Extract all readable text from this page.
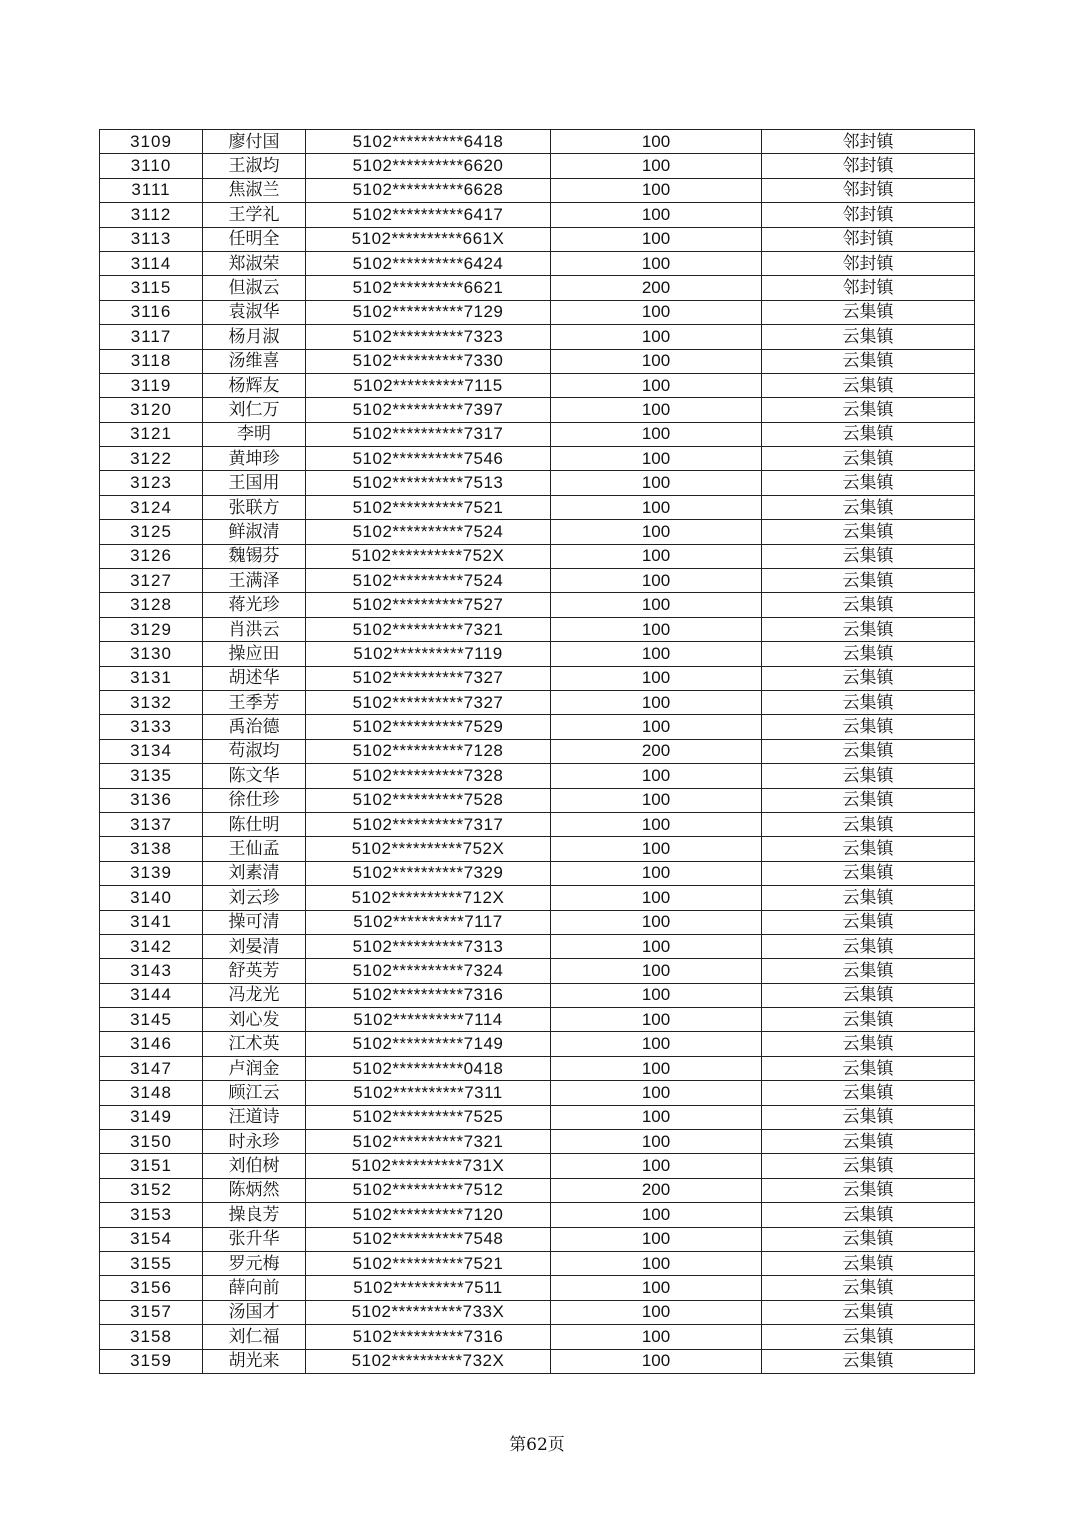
3109	廖付国	5102**********6418	100	邻封镇
3110	王淑均	5102**********6620	100	邻封镇
3111	焦淑兰	5102**********6628	100	邻封镇
3112	王学礼	5102**********6417	100	邻封镇
3113	任明全	5102**********661X	100	邻封镇
3114	郑淑荣	5102**********6424	100	邻封镇
3115	但淑云	5102**********6621	200	邻封镇
3116	袁淑华	5102**********7129	100	云集镇
3117	杨月淑	5102**********7323	100	云集镇
3118	汤维喜	5102**********7330	100	云集镇
3119	杨辉友	5102**********7115	100	云集镇
3120	刘仁万	5102**********7397	100	云集镇
3121	李明	5102**********7317	100	云集镇
3122	黄坤珍	5102**********7546	100	云集镇
3123	王国用	5102**********7513	100	云集镇
3124	张联方	5102**********7521	100	云集镇
3125	鲜淑清	5102**********7524	100	云集镇
3126	魏锡芬	5102**********752X	100	云集镇
3127	王满泽	5102**********7524	100	云集镇
3128	蒋光珍	5102**********7527	100	云集镇
3129	肖洪云	5102**********7321	100	云集镇
3130	操应田	5102**********7119	100	云集镇
3131	胡述华	5102**********7327	100	云集镇
3132	王季芳	5102**********7327	100	云集镇
3133	禹治德	5102**********7529	100	云集镇
3134	苟淑均	5102**********7128	200	云集镇
3135	陈文华	5102**********7328	100	云集镇
3136	徐仕珍	5102**********7528	100	云集镇
3137	陈仕明	5102**********7317	100	云集镇
3138	王仙孟	5102**********752X	100	云集镇
3139	刘素清	5102**********7329	100	云集镇
3140	刘云珍	5102**********712X	100	云集镇
3141	操可清	5102**********7117	100	云集镇
3142	刘晏清	5102**********7313	100	云集镇
3143	舒英芳	5102**********7324	100	云集镇
3144	冯龙光	5102**********7316	100	云集镇
3145	刘心发	5102**********7114	100	云集镇
3146	江术英	5102**********7149	100	云集镇
3147	卢润金	5102**********0418	100	云集镇
3148	顾江云	5102**********7311	100	云集镇
3149	汪道诗	5102**********7525	100	云集镇
3150	时永珍	5102**********7321	100	云集镇
3151	刘伯树	5102**********731X	100	云集镇
3152	陈炳然	5102**********7512	200	云集镇
3153	操良芳	5102**********7120	100	云集镇
3154	张升华	5102**********7548	100	云集镇
3155	罗元梅	5102**********7521	100	云集镇
3156	薛向前	5102**********7511	100	云集镇
3157	汤国才	5102**********733X	100	云集镇
3158	刘仁福	5102**********7316	100	云集镇
3159	胡光来	5102**********732X	100	云集镇
第62页
